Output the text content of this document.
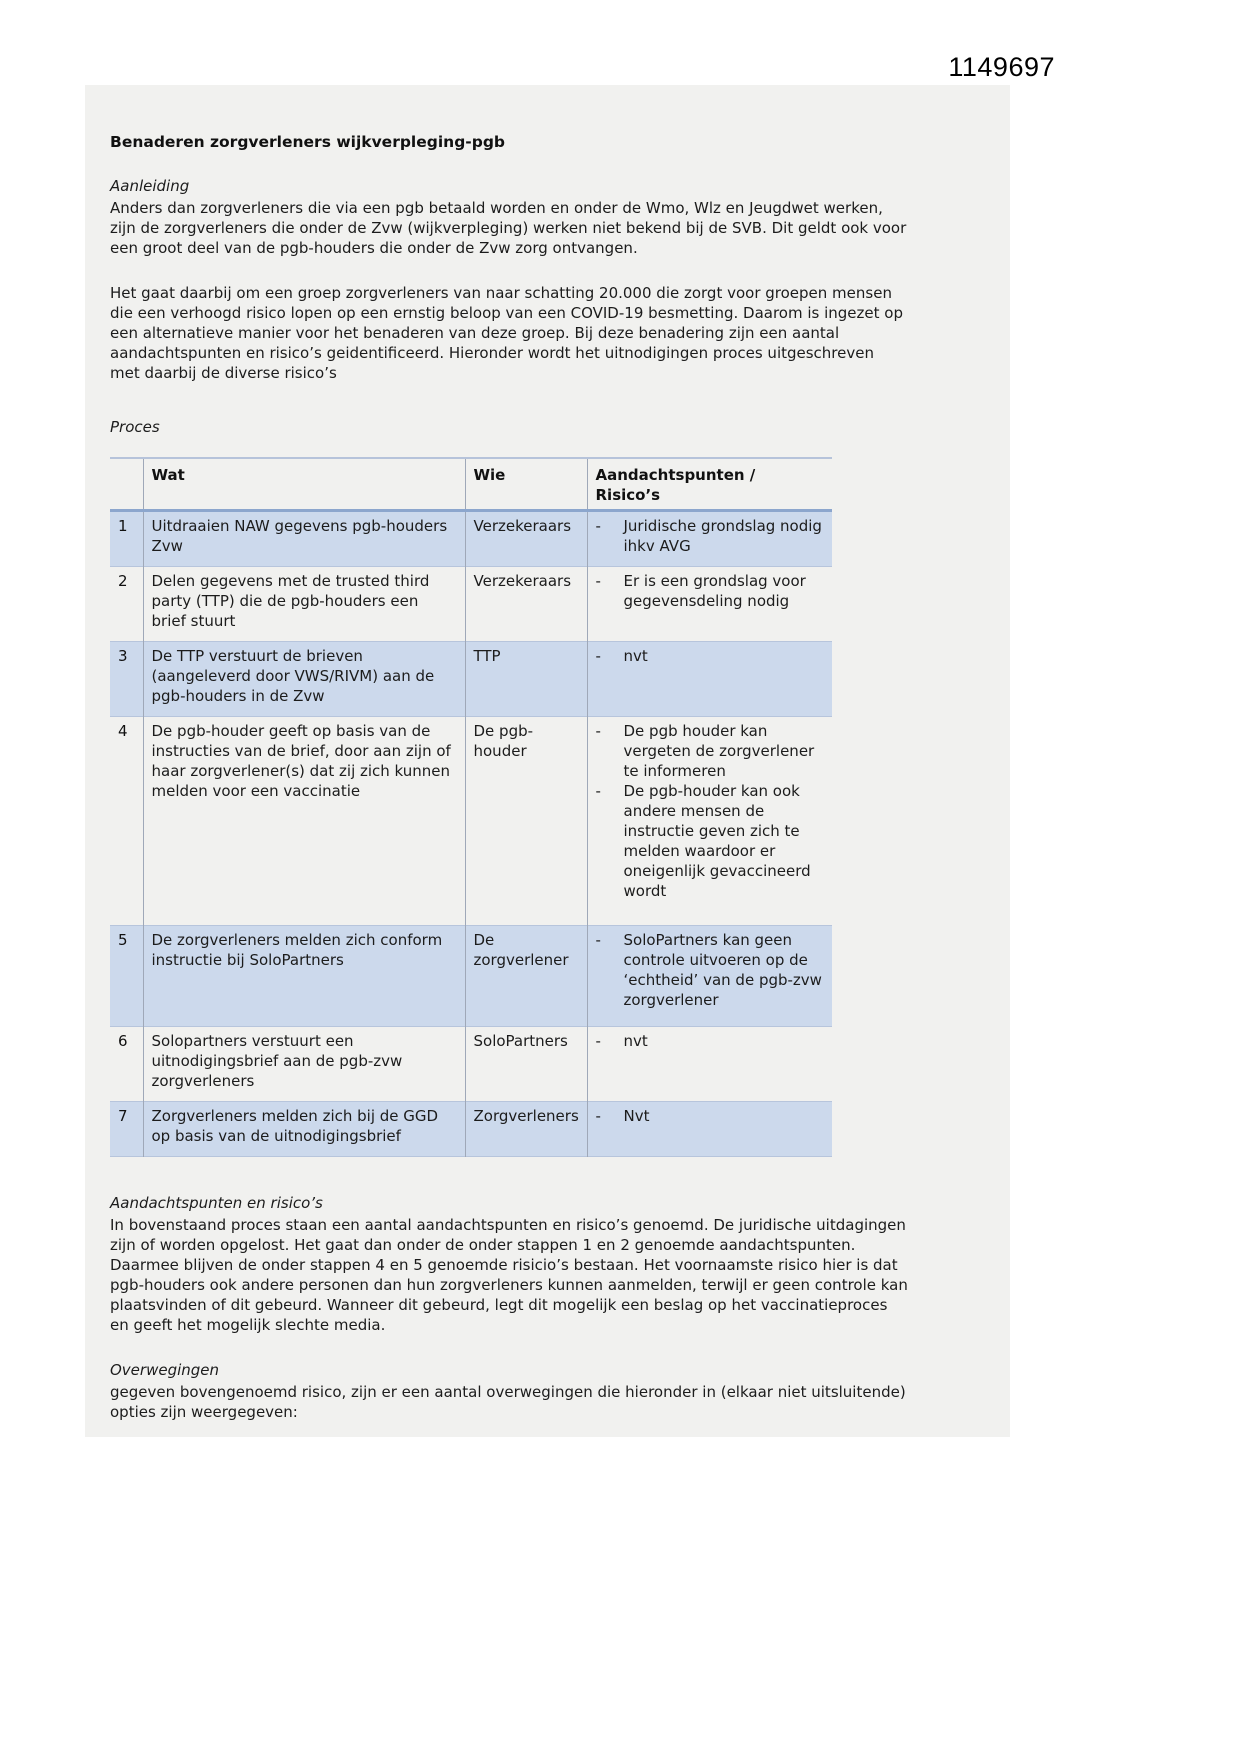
1149697
Benaderen zorgverleners wijkverpleging-pgb
Aanleiding
Anders dan zorgverleners die via een pgb betaald worden en onder de Wmo, Wlz en Jeugdwet werken, zijn de zorgverleners die onder de Zvw (wijkverpleging) werken niet bekend bij de SVB. Dit geldt ook voor een groot deel van de pgb-houders die onder de Zvw zorg ontvangen.
Het gaat daarbij om een groep zorgverleners van naar schatting 20.000 die zorgt voor groepen mensen die een verhoogd risico lopen op een ernstig beloop van een COVID-19 besmetting. Daarom is ingezet op een alternatieve manier voor het benaderen van deze groep. Bij deze benadering zijn een aantal aandachtspunten en risico’s geidentificeerd. Hieronder wordt het uitnodigingen proces uitgeschreven met daarbij de diverse risico’s
Proces
	Wat	Wie	Aandachtspunten / Risico’s
1	Uitdraaien NAW gegevens pgb-houders Zvw	Verzekeraars	- Juridische grondslag nodig ihkv AVG

2	Delen gegevens met de trusted third party (TTP) die de pgb-houders een brief stuurt	Verzekeraars	- Er is een grondslag voor gegevensdeling nodig

3	De TTP verstuurt de brieven (aangeleverd door VWS/RIVM) aan de pgb-houders in de Zvw	TTP	- nvt

4	De pgb-houder geeft op basis van de instructies van de brief, door aan zijn of haar zorgverlener(s) dat zij zich kunnen melden voor een vaccinatie	De pgb-houder	- De pgb houder kan vergeten de zorgverlener te informeren
- De pgb-houder kan ook andere mensen de instructie geven zich te melden waardoor er oneigenlijk gevaccineerd wordt

5	De zorgverleners melden zich conform instructie bij SoloPartners	De zorgverlener	- SoloPartners kan geen controle uitvoeren op de ‘echtheid’ van de pgb-zvw zorgverlener

6	Solopartners verstuurt een uitnodigingsbrief aan de pgb-zvw zorgverleners	SoloPartners	- nvt

7	Zorgverleners melden zich bij de GGD op basis van de uitnodigingsbrief	Zorgverleners	- Nvt
Aandachtspunten en risico’s
In bovenstaand proces staan een aantal aandachtspunten en risico’s genoemd. De juridische uitdagingen zijn of worden opgelost. Het gaat dan onder de onder stappen 1 en 2 genoemde aandachtspunten. Daarmee blijven de onder stappen 4 en 5 genoemde risicio’s bestaan. Het voornaamste risico hier is dat pgb-houders ook andere personen dan hun zorgverleners kunnen aanmelden, terwijl er geen controle kan plaatsvinden of dit gebeurd. Wanneer dit gebeurd, legt dit mogelijk een beslag op het vaccinatieproces en geeft het mogelijk slechte media.
Overwegingen
gegeven bovengenoemd risico, zijn er een aantal overwegingen die hieronder in (elkaar niet uitsluitende) opties zijn weergegeven:
